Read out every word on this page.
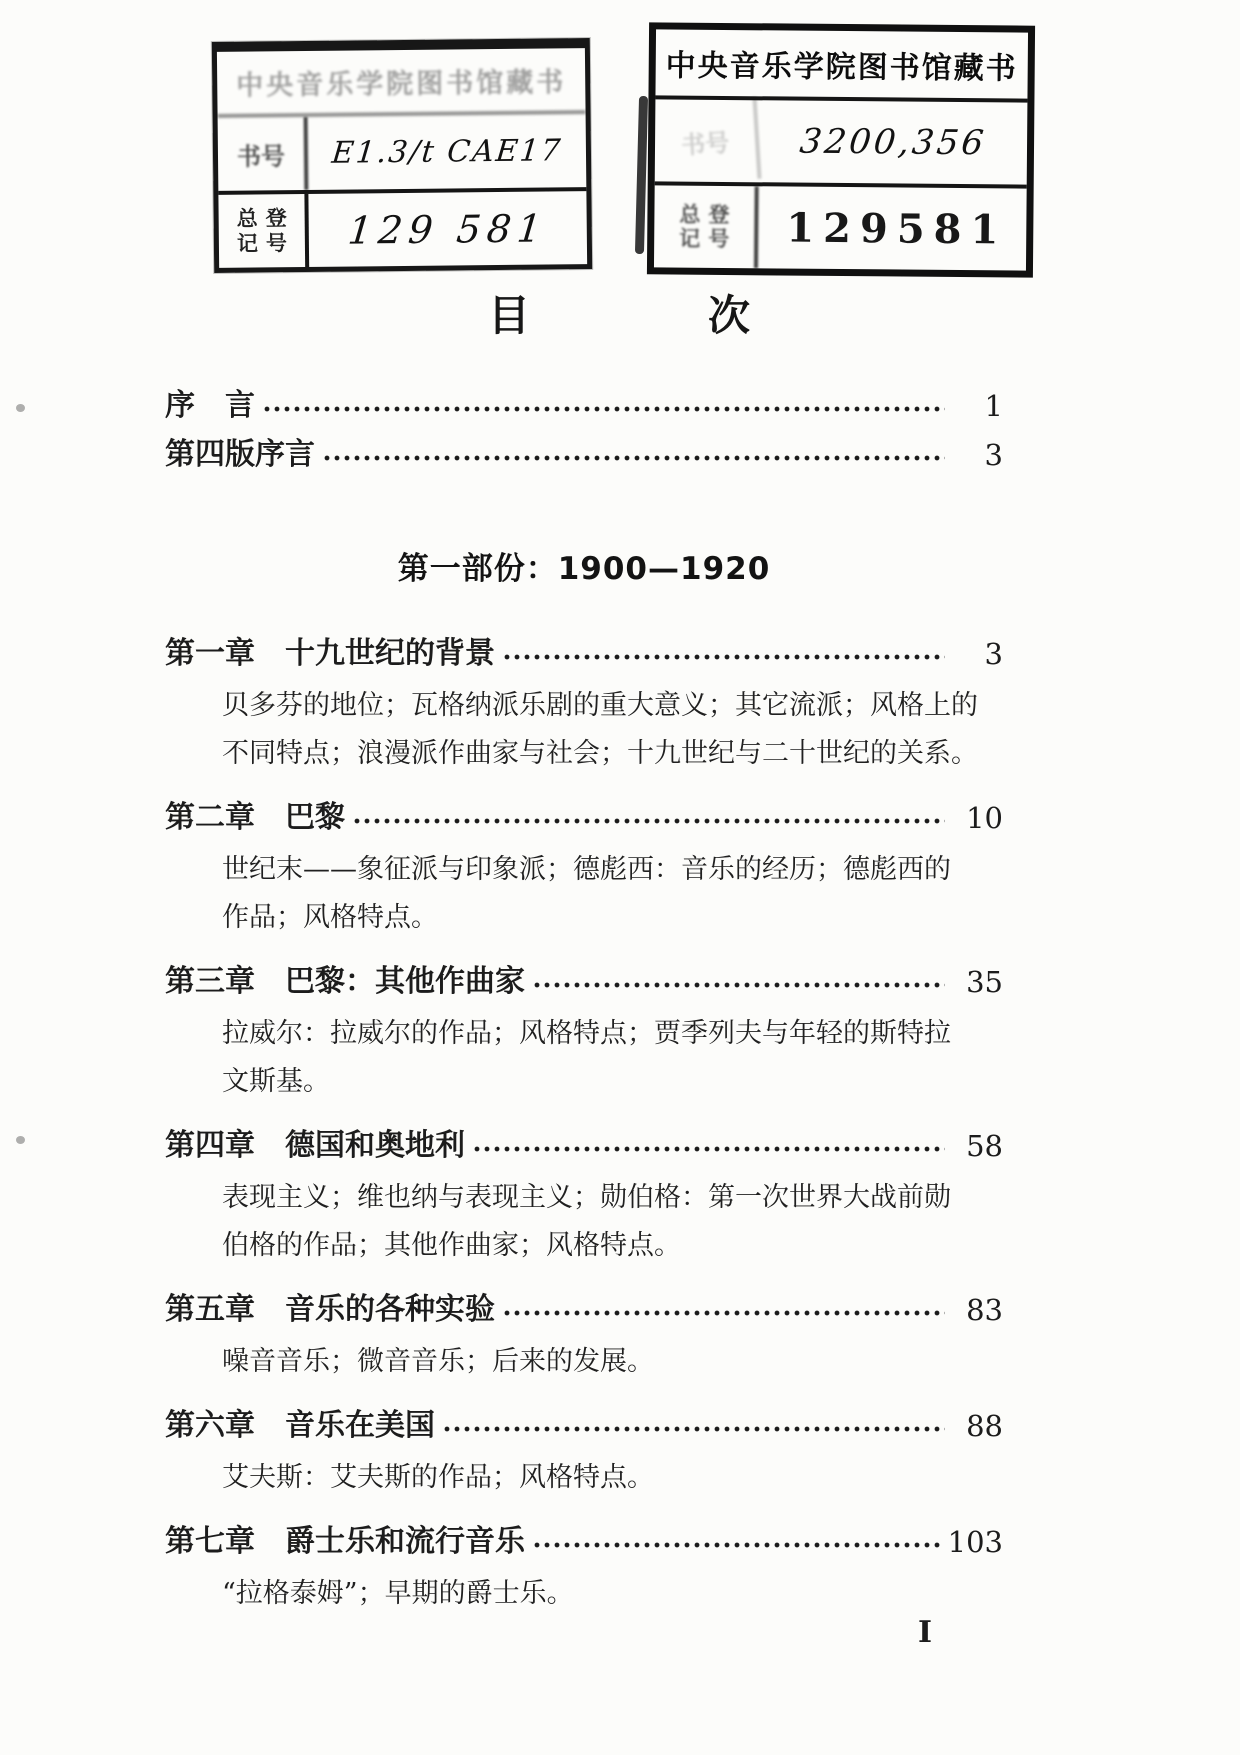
中央音乐学院图书馆藏书
书号	E1.3/t CAE17
总登
记号	129 581
中央音乐学院图书馆藏书
书号	3200,356
总登
记号	129581
目　　　　次
序　言	1
第四版序言	3
第一部份：1900—1920
第一章　十九世纪的背景	3
贝多芬的地位；瓦格纳派乐剧的重大意义；其它流派；风格上的
不同特点；浪漫派作曲家与社会；十九世纪与二十世纪的关系。
第二章　巴黎	10
世纪末——象征派与印象派；德彪西：音乐的经历；德彪西的
作品；风格特点。
第三章　巴黎：其他作曲家	35
拉威尔：拉威尔的作品；风格特点；贾季列夫与年轻的斯特拉
文斯基。
第四章　德国和奥地利	58
表现主义；维也纳与表现主义；勋伯格：第一次世界大战前勋
伯格的作品；其他作曲家；风格特点。
第五章　音乐的各种实验	83
噪音音乐；微音音乐；后来的发展。
第六章　音乐在美国	88
艾夫斯：艾夫斯的作品；风格特点。
第七章　爵士乐和流行音乐	103
“拉格泰姆”；早期的爵士乐。
I
